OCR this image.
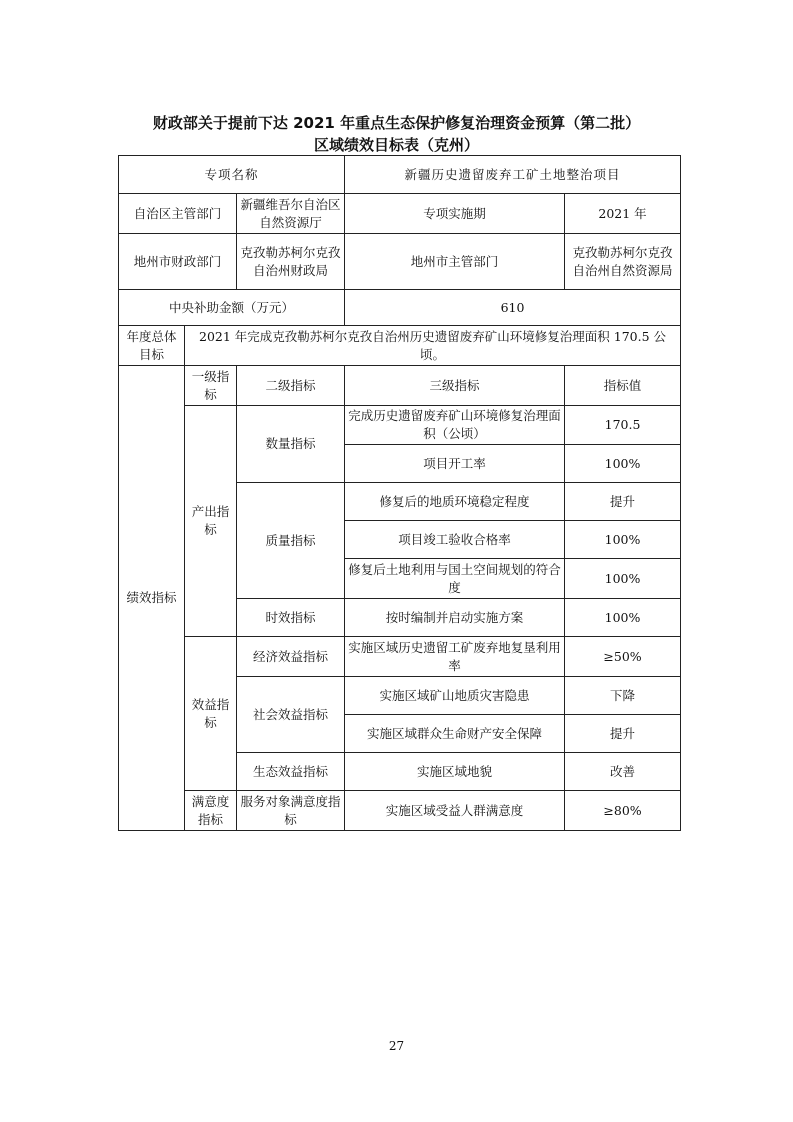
财政部关于提前下达 2021 年重点生态保护修复治理资金预算（第二批）
区域绩效目标表（克州）
专项名称			新疆历史遗留废弃工矿土地整治项目	
自治区主管部门		新疆维吾尔自治区自然资源厅	专项实施期	2021 年
地州市财政部门		克孜勒苏柯尔克孜自治州财政局	地州市主管部门	克孜勒苏柯尔克孜自治州自然资源局
中央补助金额（万元）			610	
年度总体目标	2021 年完成克孜勒苏柯尔克孜自治州历史遗留废弃矿山环境修复治理面积 170.5 公顷。			
绩效指标	一级指标	二级指标	三级指标	指标值
	产出指标	数量指标	完成历史遗留废弃矿山环境修复治理面积（公顷）	170.5
			项目开工率	100%
		质量指标	修复后的地质环境稳定程度	提升
			项目竣工验收合格率	100%
			修复后土地利用与国土空间规划的符合度	100%
		时效指标	按时编制并启动实施方案	100%
	效益指标	经济效益指标	实施区域历史遗留工矿废弃地复垦利用率	≥50%
		社会效益指标	实施区域矿山地质灾害隐患	下降
			实施区域群众生命财产安全保障	提升
		生态效益指标	实施区域地貌	改善
	满意度指标	服务对象满意度指标	实施区域受益人群满意度	≥80%
27
